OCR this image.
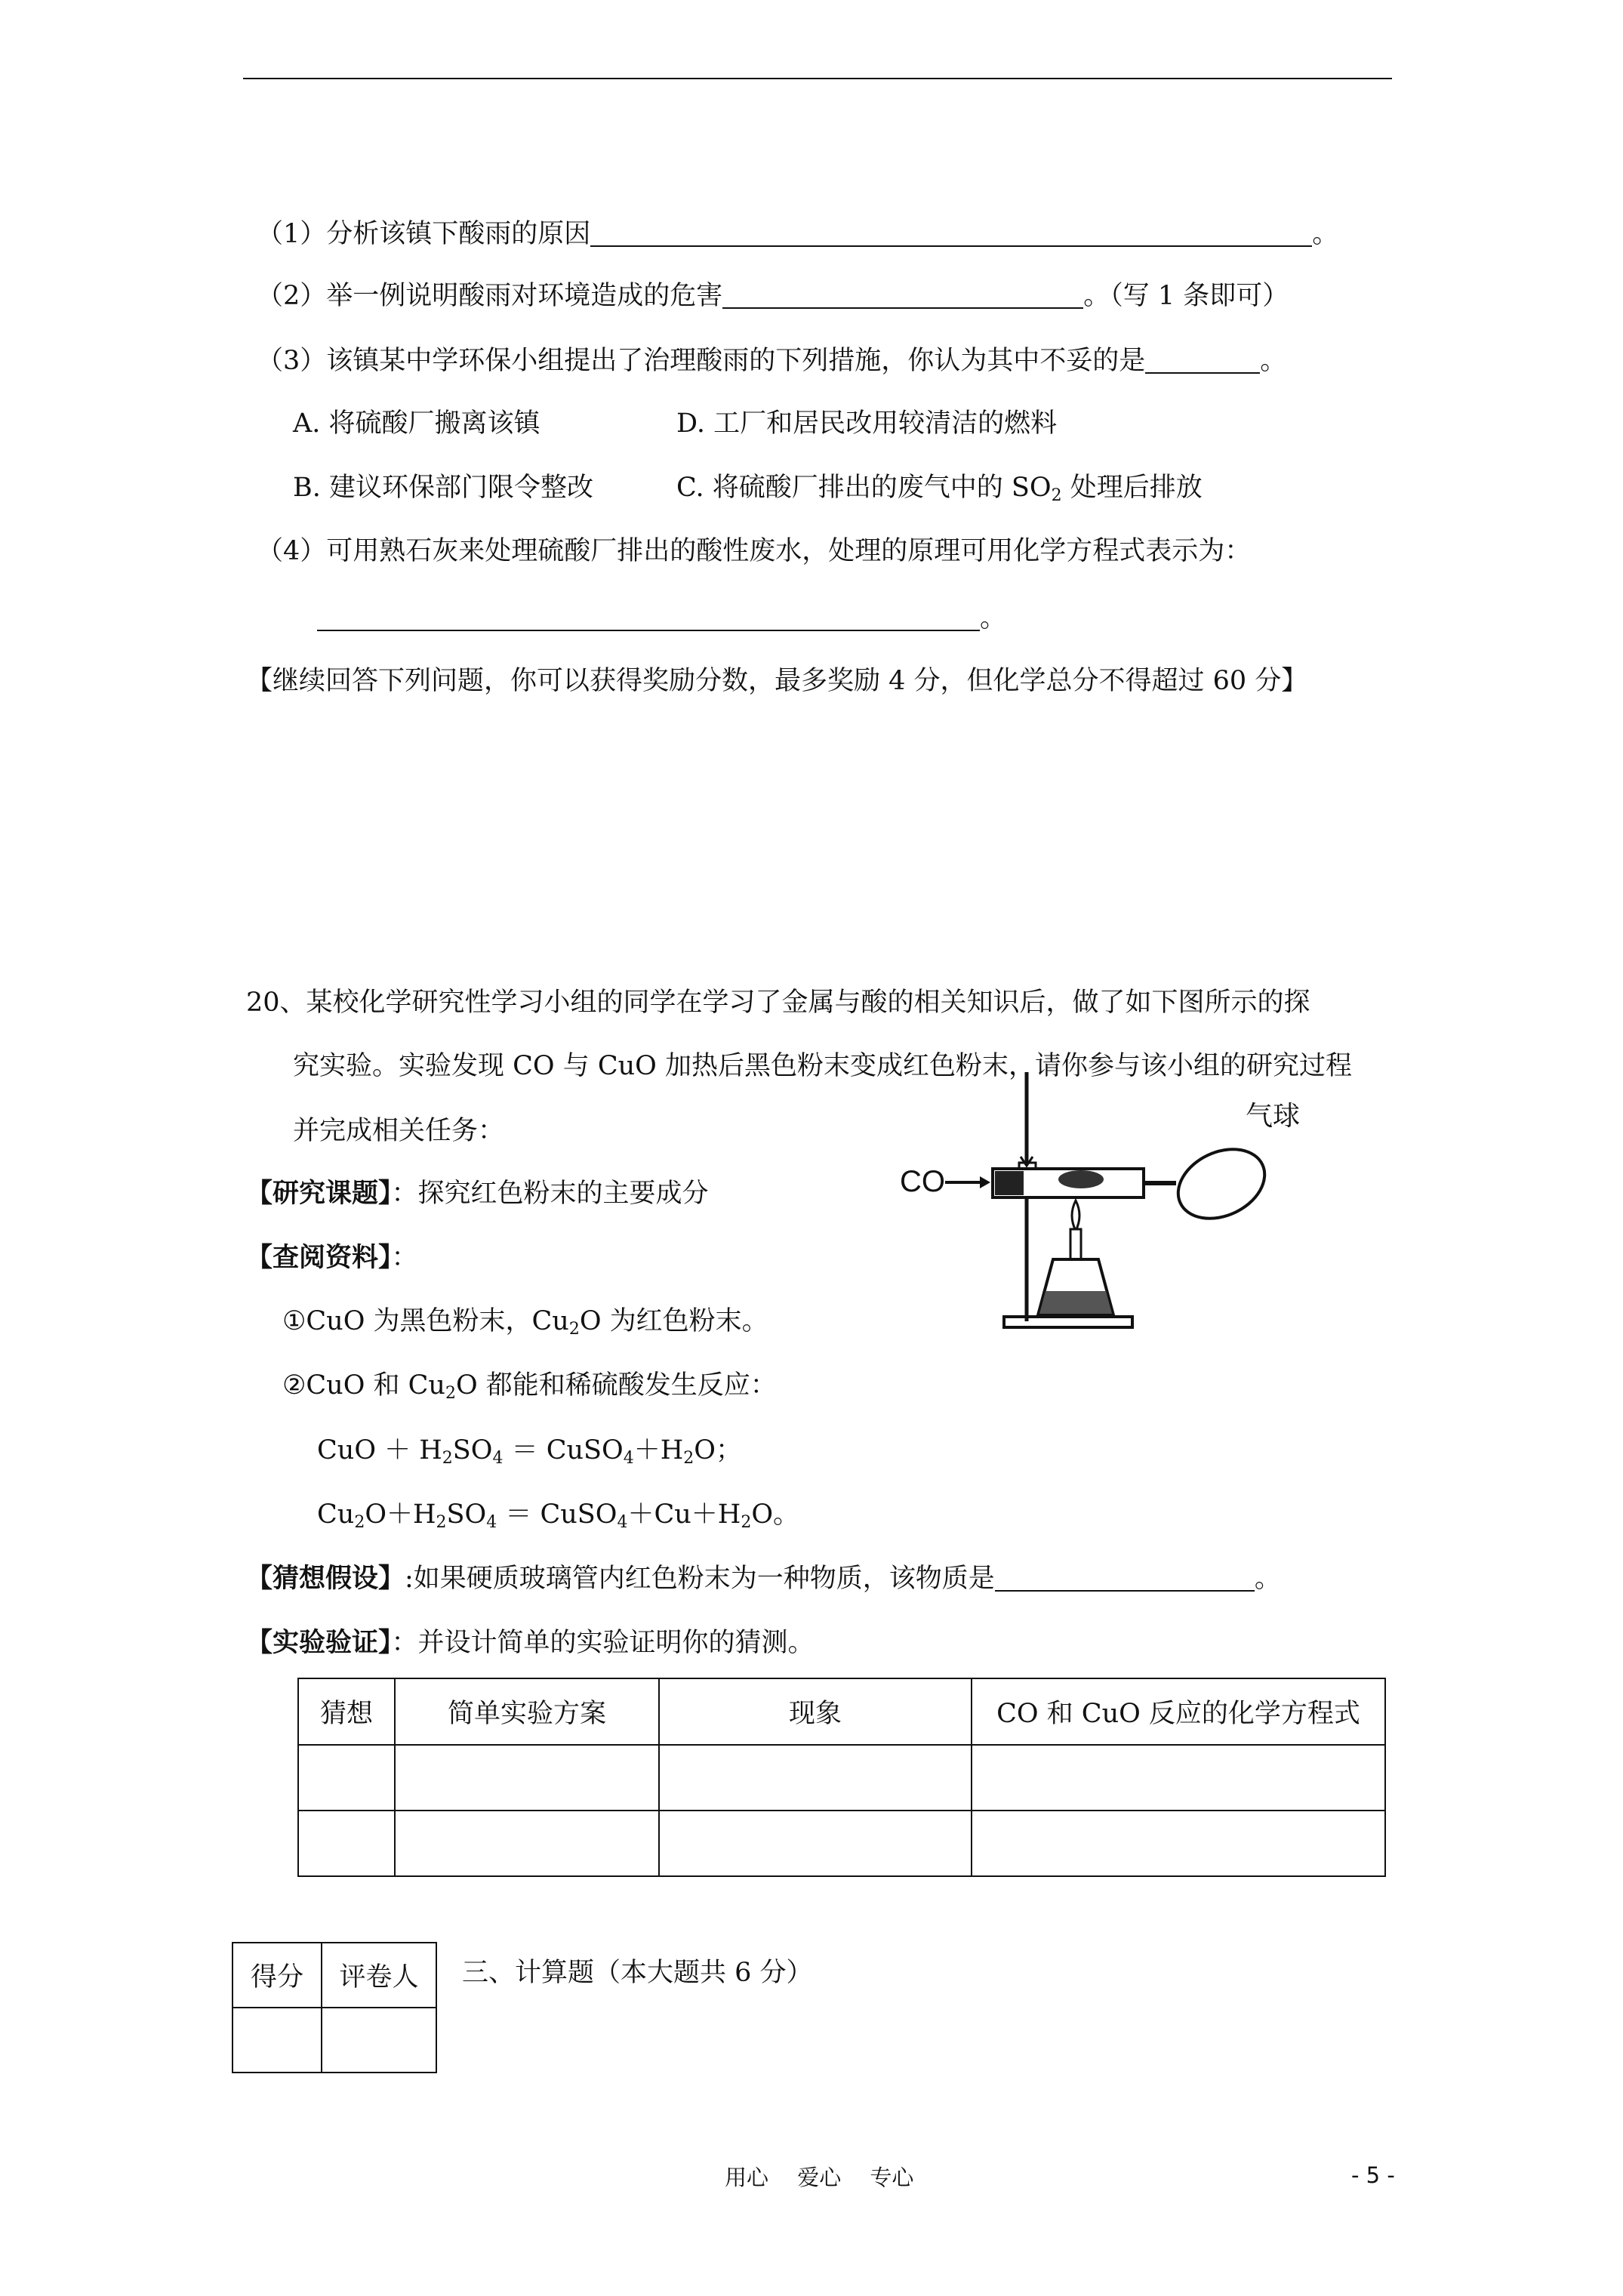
（1）分析该镇下酸雨的原因	。
（2）举一例说明酸雨对环境造成的危害	。（写 1 条即可）
（3）该镇某中学环保小组提出了治理酸雨的下列措施，你认为其中不妥的是	。
A. 将硫酸厂搬离该镇	D. 工厂和居民改用较清洁的燃料
B. 建议环保部门限令整改	C. 将硫酸厂排出的废气中的 $SO_2$ 处理后排放
（4）可用熟石灰来处理硫酸厂排出的酸性废水，处理的原理可用化学方程式表示为：
。
【继续回答下列问题，你可以获得奖励分数，最多奖励 4 分，但化学总分不得超过 60 分】
20、某校化学研究性学习小组的同学在学习了金属与酸的相关知识后，做了如下图所示的探
究实验。实验发现 CO 与 CuO 加热后黑色粉末变成红色粉末，请你参与该小组的研究过程
并完成相关任务：
【研究课题】：探究红色粉末的主要成分
【查阅资料】：
①CuO 为黑色粉末，$Cu_2O$ 为红色粉末。
②CuO 和 $Cu_2O$ 都能和稀硫酸发生反应：
CuO ＋ $H_2SO_4$ ＝ $CuSO_4+H_2O$；
$Cu_2O+H_2SO_4$ ＝ $CuSO_4+Cu+H_2O$。
【猜想假设】:如果硬质玻璃管内红色粉末为一种物质，该物质是	。
【实验验证】：并设计简单的实验证明你的猜测。
CO
气球
猜想	简单实验方案	现象	CO 和 CuO 反应的化学方程式

得分	评卷人
	三、计算题（本大题共 6 分）
用心　 爱心　 专心	- 5 -
